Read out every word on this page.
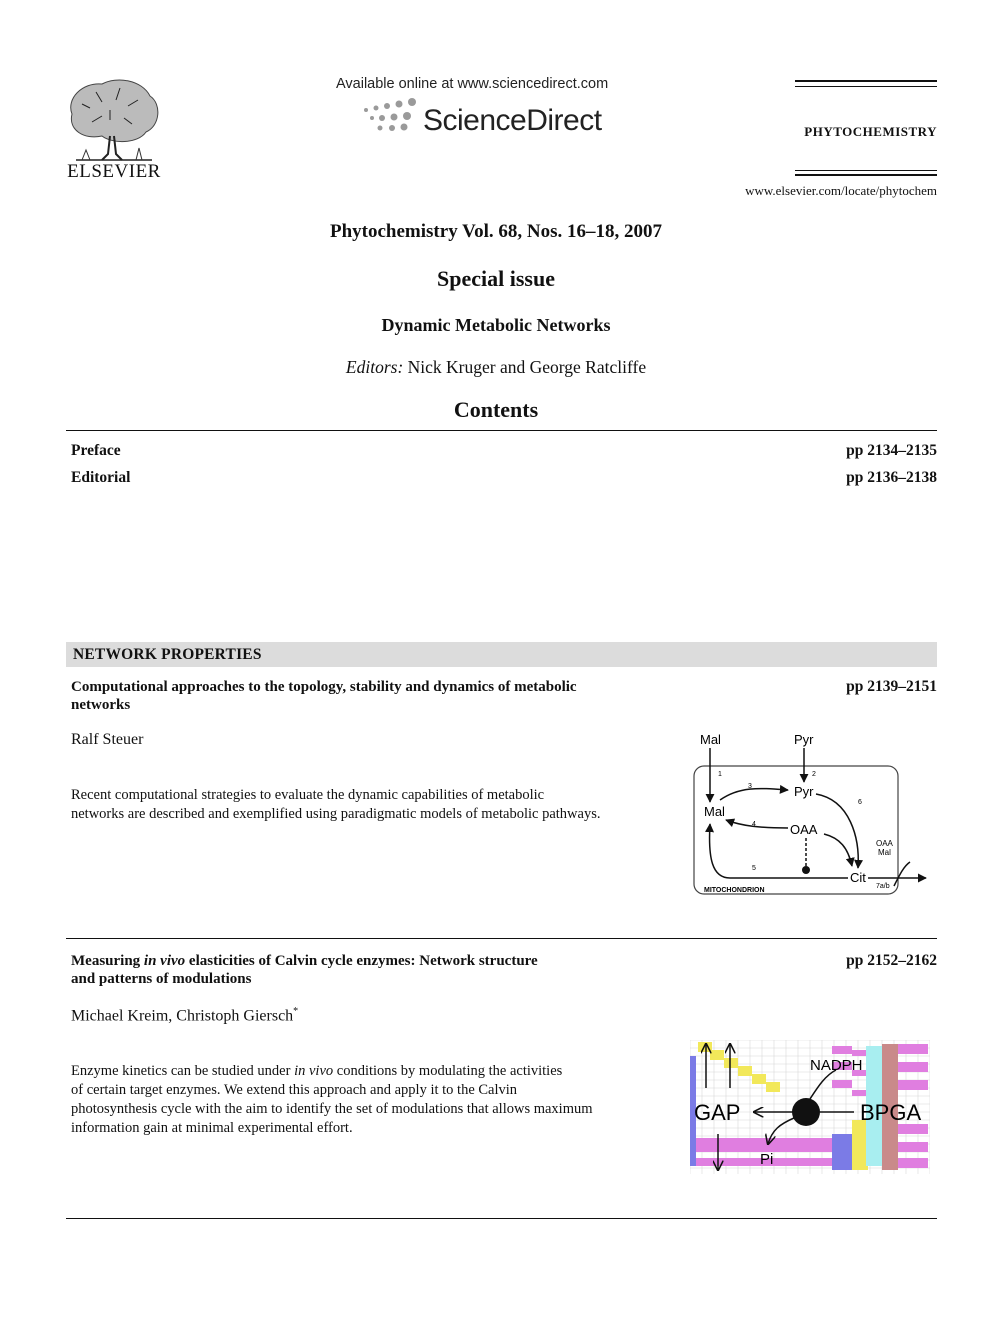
ELSEVIER
Available online at www.sciencedirect.com
ScienceDirect	PHYTOCHEMISTRY
www.elsevier.com/locate/phytochem
Phytochemistry Vol. 68, Nos. 16–18, 2007
Special issue
Dynamic Metabolic Networks
Editors: Nick Kruger and George Ratcliffe
Contents
Preface	pp 2134–2135
Editorial	pp 2136–2138
NETWORK PROPERTIES
Computational approaches to the topology, stability and dynamics of metabolic
networks
pp 2139–2151
Ralf Steuer
Recent computational strategies to evaluate the dynamic capabilities of metabolic
networks are described and exemplified using paradigmatic models of metabolic pathways.
Mal	Pyr
Mal
Pyr
OAA
Cit
OAA
Mal
MITOCHONDRION
1	2
3
4
5
6
7a/b
Measuring in vivo elasticities of Calvin cycle enzymes: Network structure
and patterns of modulations
pp 2152–2162
Michael Kreim, Christoph Giersch*
Enzyme kinetics can be studied under in vivo conditions by modulating the activities
of certain target enzymes. We extend this approach and apply it to the Calvin
photosynthesis cycle with the aim to identify the set of modulations that allows maximum
information gain at minimal experimental effort.
NADPH
GAP	BPGA
Pi
